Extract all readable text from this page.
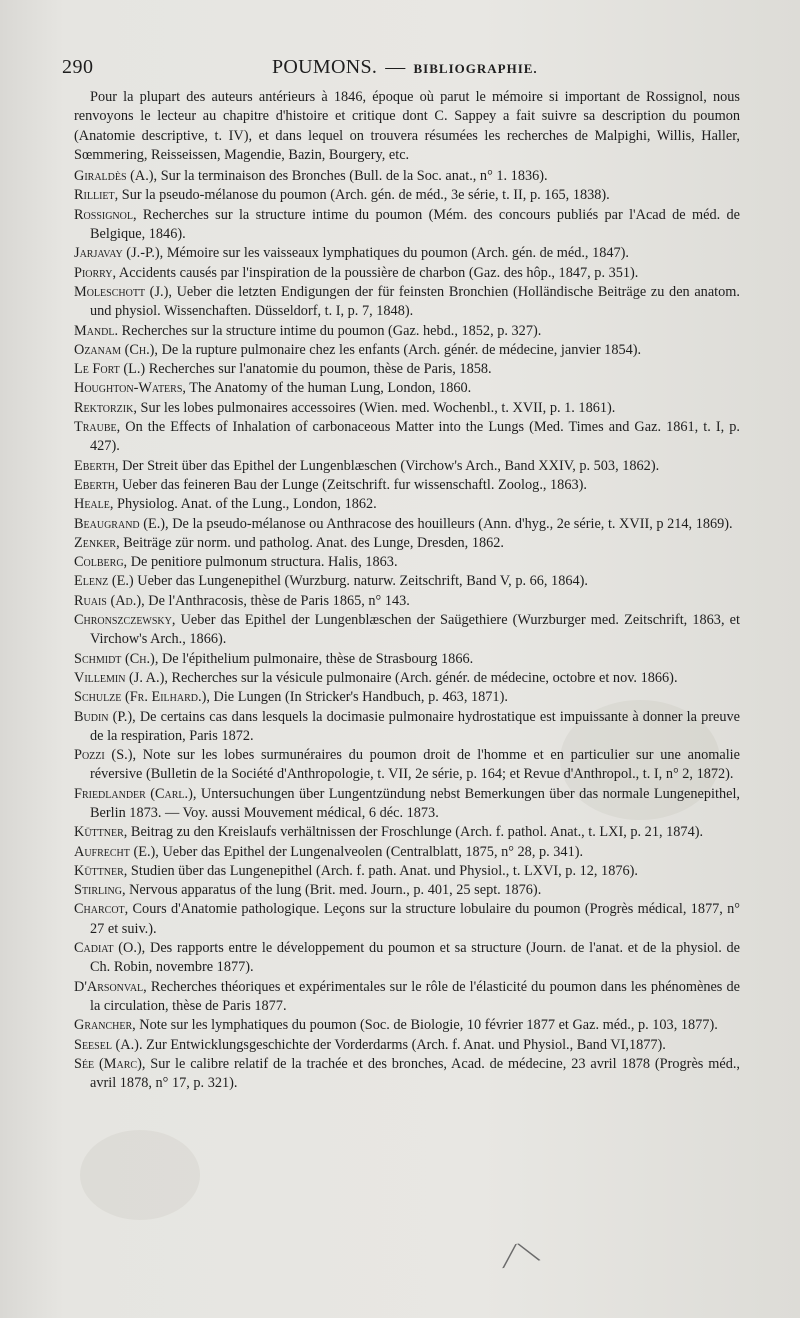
290	POUMONS. — BIBLIOGRAPHIE.

Pour la plupart des auteurs antérieurs à 1846, époque où parut le mémoire si important de Rossignol, nous renvoyons le lecteur au chapitre d'histoire et critique dont C. Sappey a fait suivre sa description du poumon (Anatomie descriptive, t. IV), et dans lequel on trouvera résumées les recherches de Malpighi, Willis, Haller, Sœmmering, Reisseissen, Magendie, Bazin, Bourgery, etc.

Giraldès (A.), Sur la terminaison des Bronches (Bull. de la Soc. anat., n° 1. 1836).

Rilliet, Sur la pseudo-mélanose du poumon (Arch. gén. de méd., 3e série, t. II, p. 165, 1838).

Rossignol, Recherches sur la structure intime du poumon (Mém. des concours publiés par l'Acad de méd. de Belgique, 1846).

Jarjavay (J.-P.), Mémoire sur les vaisseaux lymphatiques du poumon (Arch. gén. de méd., 1847).

Piorry, Accidents causés par l'inspiration de la poussière de charbon (Gaz. des hôp., 1847, p. 351).

Moleschott (J.), Ueber die letzten Endigungen der für feinsten Bronchien (Holländische Beiträge zu den anatom. und physiol. Wissenchaften. Düsseldorf, t. I, p. 7, 1848).

Mandl. Recherches sur la structure intime du poumon (Gaz. hebd., 1852, p. 327).

Ozanam (Ch.), De la rupture pulmonaire chez les enfants (Arch. génér. de médecine, janvier 1854).

Le Fort (L.) Recherches sur l'anatomie du poumon, thèse de Paris, 1858.

Houghton-Waters, The Anatomy of the human Lung, London, 1860.

Rektorzik, Sur les lobes pulmonaires accessoires (Wien. med. Wochenbl., t. XVII, p. 1. 1861).

Traube, On the Effects of Inhalation of carbonaceous Matter into the Lungs (Med. Times and Gaz. 1861, t. I, p. 427).

Eberth, Der Streit über das Epithel der Lungenblæschen (Virchow's Arch., Band XXIV, p. 503, 1862).

Eberth, Ueber das feineren Bau der Lunge (Zeitschrift. fur wissenschaftl. Zoolog., 1863).

Heale, Physiolog. Anat. of the Lung., London, 1862.

Beaugrand (E.), De la pseudo-mélanose ou Anthracose des houilleurs (Ann. d'hyg., 2e série, t. XVII, p 214, 1869).

Zenker, Beiträge zür norm. und patholog. Anat. des Lunge, Dresden, 1862.

Colberg, De penitiore pulmonum structura. Halis, 1863.

Elenz (E.) Ueber das Lungenepithel (Wurzburg. naturw. Zeitschrift, Band V, p. 66, 1864).

Ruais (Ad.), De l'Anthracosis, thèse de Paris 1865, n° 143.

Chronszczewsky, Ueber das Epithel der Lungenblæschen der Saügethiere (Wurzburger med. Zeitschrift, 1863, et Virchow's Arch., 1866).

Schmidt (Ch.), De l'épithelium pulmonaire, thèse de Strasbourg 1866.

Villemin (J. A.), Recherches sur la vésicule pulmonaire (Arch. génér. de médecine, octobre et nov. 1866).

Schulze (Fr. Eilhard.), Die Lungen (In Stricker's Handbuch, p. 463, 1871).

Budin (P.), De certains cas dans lesquels la docimasie pulmonaire hydrostatique est impuissante à donner la preuve de la respiration, Paris 1872.

Pozzi (S.), Note sur les lobes surmunéraires du poumon droit de l'homme et en particulier sur une anomalie réversive (Bulletin de la Société d'Anthropologie, t. VII, 2e série, p. 164; et Revue d'Anthropol., t. I, n° 2, 1872).

Friedlander (Carl.), Untersuchungen über Lungentzündung nebst Bemerkungen über das normale Lungenepithel, Berlin 1873. — Voy. aussi Mouvement médical, 6 déc. 1873.

Küttner, Beitrag zu den Kreislaufs verhältnissen der Froschlunge (Arch. f. pathol. Anat., t. LXI, p. 21, 1874).

Aufrecht (E.), Ueber das Epithel der Lungenalveolen (Centralblatt, 1875, n° 28, p. 341).

Küttner, Studien über das Lungenepithel (Arch. f. path. Anat. und Physiol., t. LXVI, p. 12, 1876).

Stirling, Nervous apparatus of the lung (Brit. med. Journ., p. 401, 25 sept. 1876).

Charcot, Cours d'Anatomie pathologique. Leçons sur la structure lobulaire du poumon (Progrès médical, 1877, n° 27 et suiv.).

Cadiat (O.), Des rapports entre le développement du poumon et sa structure (Journ. de l'anat. et de la physiol. de Ch. Robin, novembre 1877).

D'Arsonval, Recherches théoriques et expérimentales sur le rôle de l'élasticité du poumon dans les phénomènes de la circulation, thèse de Paris 1877.

Grancher, Note sur les lymphatiques du poumon (Soc. de Biologie, 10 février 1877 et Gaz. méd., p. 103, 1877).

Seesel (A.). Zur Entwicklungsgeschichte der Vorderdarms (Arch. f. Anat. und Physiol., Band VI,1877).

Sée (Marc), Sur le calibre relatif de la trachée et des bronches, Acad. de médecine, 23 avril 1878 (Progrès méd., avril 1878, n° 17, p. 321).

⟋⟍
